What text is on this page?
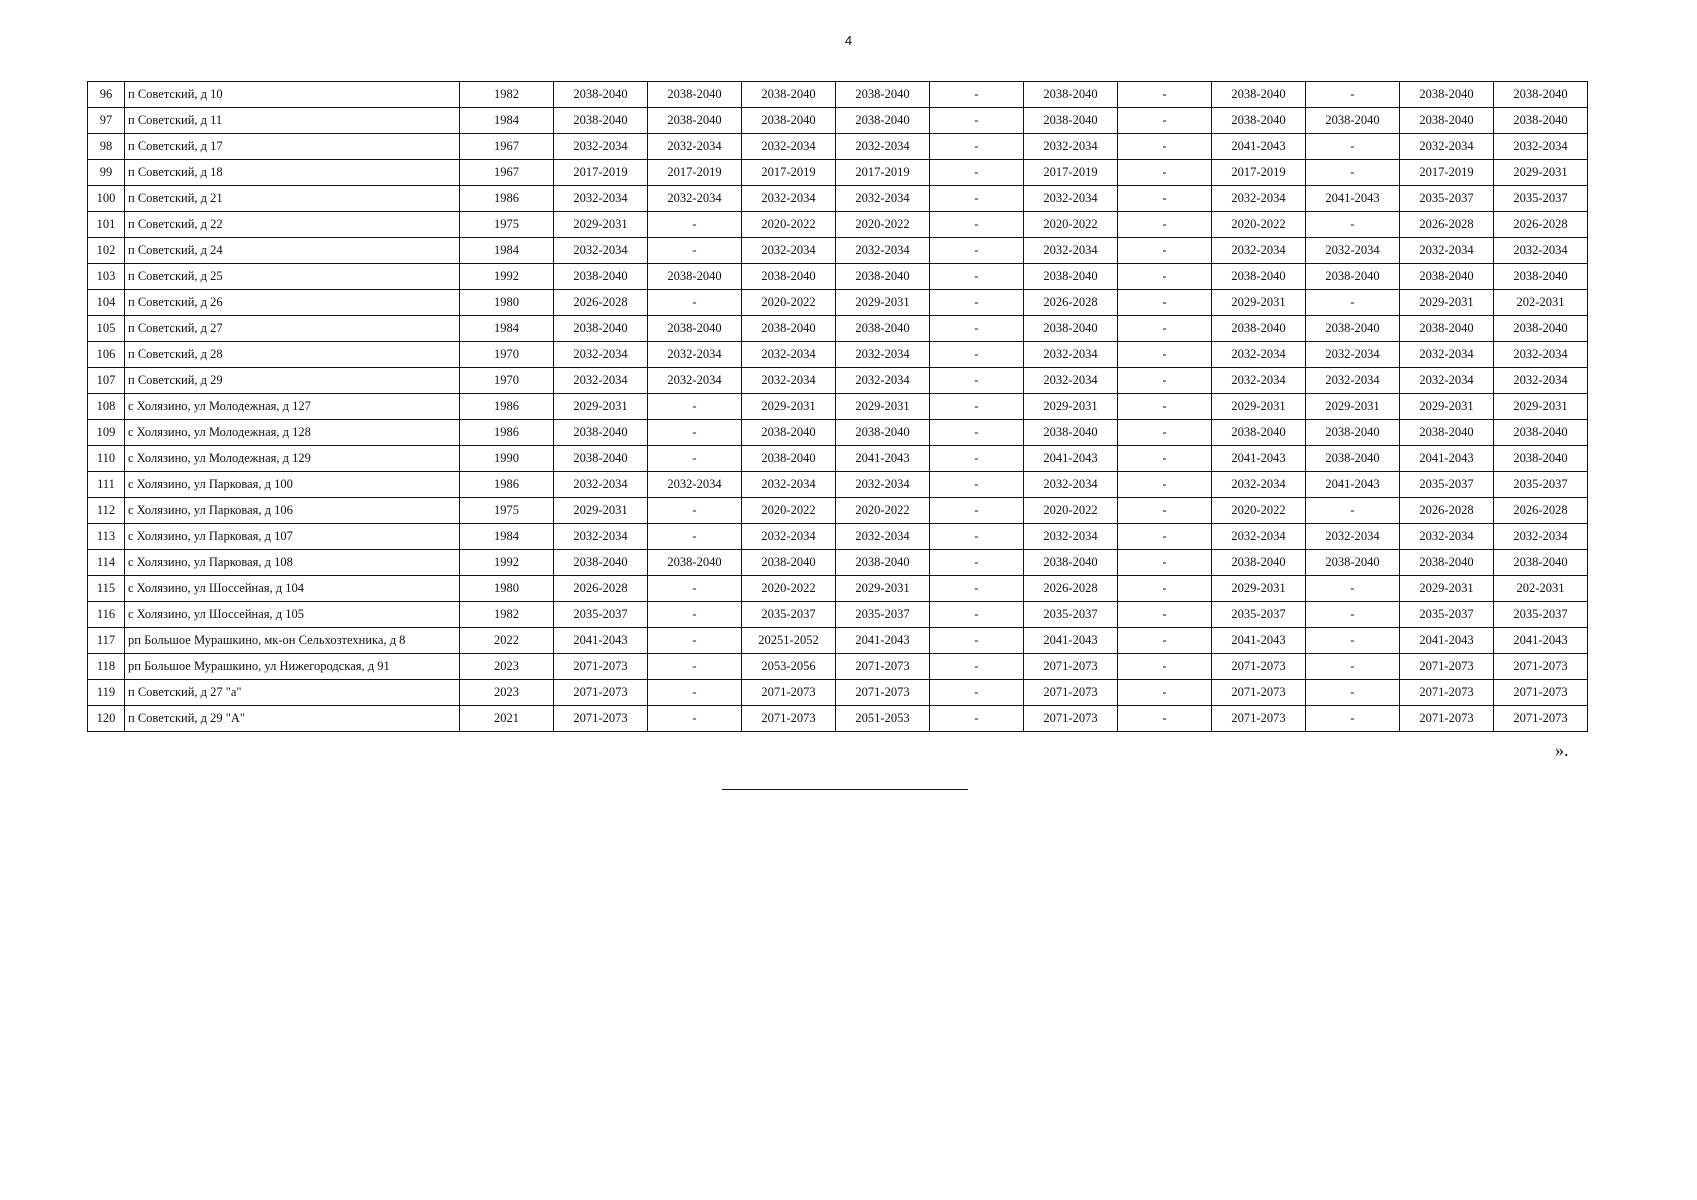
4
96	п Советский, д 10	1982	2038-2040	2038-2040	2038-2040	2038-2040	-	2038-2040	-	2038-2040	-	2038-2040	2038-2040
97	п Советский, д 11	1984	2038-2040	2038-2040	2038-2040	2038-2040	-	2038-2040	-	2038-2040	2038-2040	2038-2040	2038-2040
98	п Советский, д 17	1967	2032-2034	2032-2034	2032-2034	2032-2034	-	2032-2034	-	2041-2043	-	2032-2034	2032-2034
99	п Советский, д 18	1967	2017-2019	2017-2019	2017-2019	2017-2019	-	2017-2019	-	2017-2019	-	2017-2019	2029-2031
100	п Советский, д 21	1986	2032-2034	2032-2034	2032-2034	2032-2034	-	2032-2034	-	2032-2034	2041-2043	2035-2037	2035-2037
101	п Советский, д 22	1975	2029-2031	-	2020-2022	2020-2022	-	2020-2022	-	2020-2022	-	2026-2028	2026-2028
102	п Советский, д 24	1984	2032-2034	-	2032-2034	2032-2034	-	2032-2034	-	2032-2034	2032-2034	2032-2034	2032-2034
103	п Советский, д 25	1992	2038-2040	2038-2040	2038-2040	2038-2040	-	2038-2040	-	2038-2040	2038-2040	2038-2040	2038-2040
104	п Советский, д 26	1980	2026-2028	-	2020-2022	2029-2031	-	2026-2028	-	2029-2031	-	2029-2031	202-2031
105	п Советский, д 27	1984	2038-2040	2038-2040	2038-2040	2038-2040	-	2038-2040	-	2038-2040	2038-2040	2038-2040	2038-2040
106	п Советский, д 28	1970	2032-2034	2032-2034	2032-2034	2032-2034	-	2032-2034	-	2032-2034	2032-2034	2032-2034	2032-2034
107	п Советский, д 29	1970	2032-2034	2032-2034	2032-2034	2032-2034	-	2032-2034	-	2032-2034	2032-2034	2032-2034	2032-2034
108	с Холязино, ул Молодежная, д 127	1986	2029-2031	-	2029-2031	2029-2031	-	2029-2031	-	2029-2031	2029-2031	2029-2031	2029-2031
109	с Холязино, ул Молодежная, д 128	1986	2038-2040	-	2038-2040	2038-2040	-	2038-2040	-	2038-2040	2038-2040	2038-2040	2038-2040
110	с Холязино, ул Молодежная, д 129	1990	2038-2040	-	2038-2040	2041-2043	-	2041-2043	-	2041-2043	2038-2040	2041-2043	2038-2040
111	с Холязино, ул Парковая, д 100	1986	2032-2034	2032-2034	2032-2034	2032-2034	-	2032-2034	-	2032-2034	2041-2043	2035-2037	2035-2037
112	с Холязино, ул Парковая, д 106	1975	2029-2031	-	2020-2022	2020-2022	-	2020-2022	-	2020-2022	-	2026-2028	2026-2028
113	с Холязино, ул Парковая, д 107	1984	2032-2034	-	2032-2034	2032-2034	-	2032-2034	-	2032-2034	2032-2034	2032-2034	2032-2034
114	с Холязино, ул Парковая, д 108	1992	2038-2040	2038-2040	2038-2040	2038-2040	-	2038-2040	-	2038-2040	2038-2040	2038-2040	2038-2040
115	с Холязино, ул Шоссейная, д 104	1980	2026-2028	-	2020-2022	2029-2031	-	2026-2028	-	2029-2031	-	2029-2031	202-2031
116	с Холязино, ул Шоссейная, д 105	1982	2035-2037	-	2035-2037	2035-2037	-	2035-2037	-	2035-2037	-	2035-2037	2035-2037
117	рп Большое Мурашкино, мк-он Сельхозтехника, д 8	2022	2041-2043	-	20251-2052	2041-2043	-	2041-2043	-	2041-2043	-	2041-2043	2041-2043
118	рп Большое Мурашкино, ул Нижегородская, д 91	2023	2071-2073	-	2053-2056	2071-2073	-	2071-2073	-	2071-2073	-	2071-2073	2071-2073
119	п Советский, д 27 "а"	2023	2071-2073	-	2071-2073	2071-2073	-	2071-2073	-	2071-2073	-	2071-2073	2071-2073
120	п Советский, д 29 "А"	2021	2071-2073	-	2071-2073	2051-2053	-	2071-2073	-	2071-2073	-	2071-2073	2071-2073
».
